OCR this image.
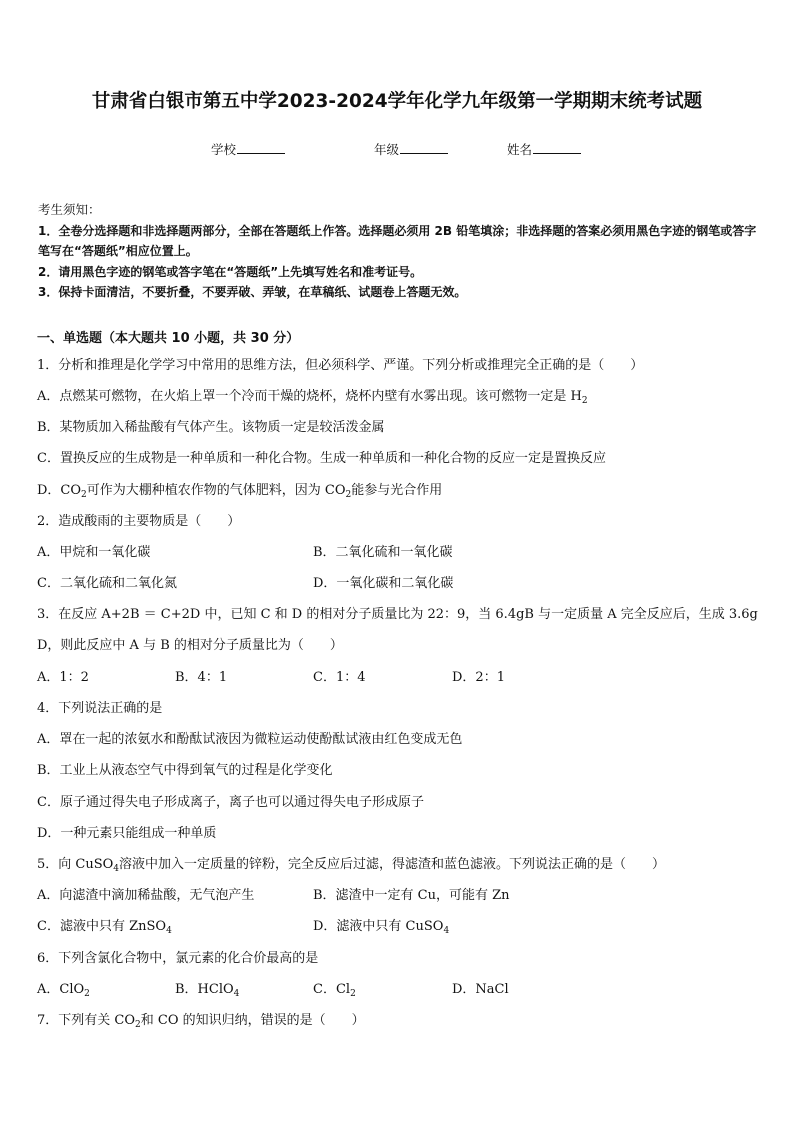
甘肃省白银市第五中学2023-2024学年化学九年级第一学期期末统考试题
学校	年级	姓名
考生须知：
1．全卷分选择题和非选择题两部分，全部在答题纸上作答。选择题必须用 2B 铅笔填涂；非选择题的答案必须用黑色字迹的钢笔或答字笔写在“答题纸”相应位置上。
2．请用黑色字迹的钢笔或答字笔在“答题纸”上先填写姓名和准考证号。
3．保持卡面清洁，不要折叠，不要弄破、弄皱，在草稿纸、试题卷上答题无效。
一、单选题（本大题共 10 小题，共 30 分）
1．分析和推理是化学学习中常用的思维方法，但必须科学、严谨。下列分析或推理完全正确的是（　　）
A．点燃某可燃物，在火焰上罩一个冷而干燥的烧杯，烧杯内壁有水雾出现。该可燃物一定是 $H_2$
B．某物质加入稀盐酸有气体产生。该物质一定是较活泼金属
C．置换反应的生成物是一种单质和一种化合物。生成一种单质和一种化合物的反应一定是置换反应
D．$CO_2$可作为大棚种植农作物的气体肥料，因为 $CO_2$能参与光合作用
2．造成酸雨的主要物质是（　　）
A．甲烷和一氧化碳	B．二氧化硫和一氧化碳
C．二氧化硫和二氧化氮	D．一氧化碳和二氧化碳
3．在反应 A+2B ＝ C+2D 中，已知 C 和 D 的相对分子质量比为 22：9，当 6.4gB 与一定质量 A 完全反应后，生成 3.6g
D，则此反应中 A 与 B 的相对分子质量比为（　　）
A．1：2	B．4：1	C．1：4	D．2：1
4．下列说法正确的是
A．罩在一起的浓氨水和酚酞试液因为微粒运动使酚酞试液由红色变成无色
B．工业上从液态空气中得到氧气的过程是化学变化
C．原子通过得失电子形成离子，离子也可以通过得失电子形成原子
D．一种元素只能组成一种单质
5．向 CuSO$_4$溶液中加入一定质量的锌粉，完全反应后过滤，得滤渣和蓝色滤液。下列说法正确的是（　　）
A．向滤渣中滴加稀盐酸，无气泡产生	B．滤渣中一定有 Cu，可能有 Zn
C．滤液中只有 ZnSO$_4$	D．滤液中只有 CuSO$_4$
6．下列含氯化合物中，氯元素的化合价最高的是
A．ClO$_2$	B．HClO$_4$	C．$Cl_2$	D．NaCl
7．下列有关 $CO_2$和 CO 的知识归纳，错误的是（　　）
